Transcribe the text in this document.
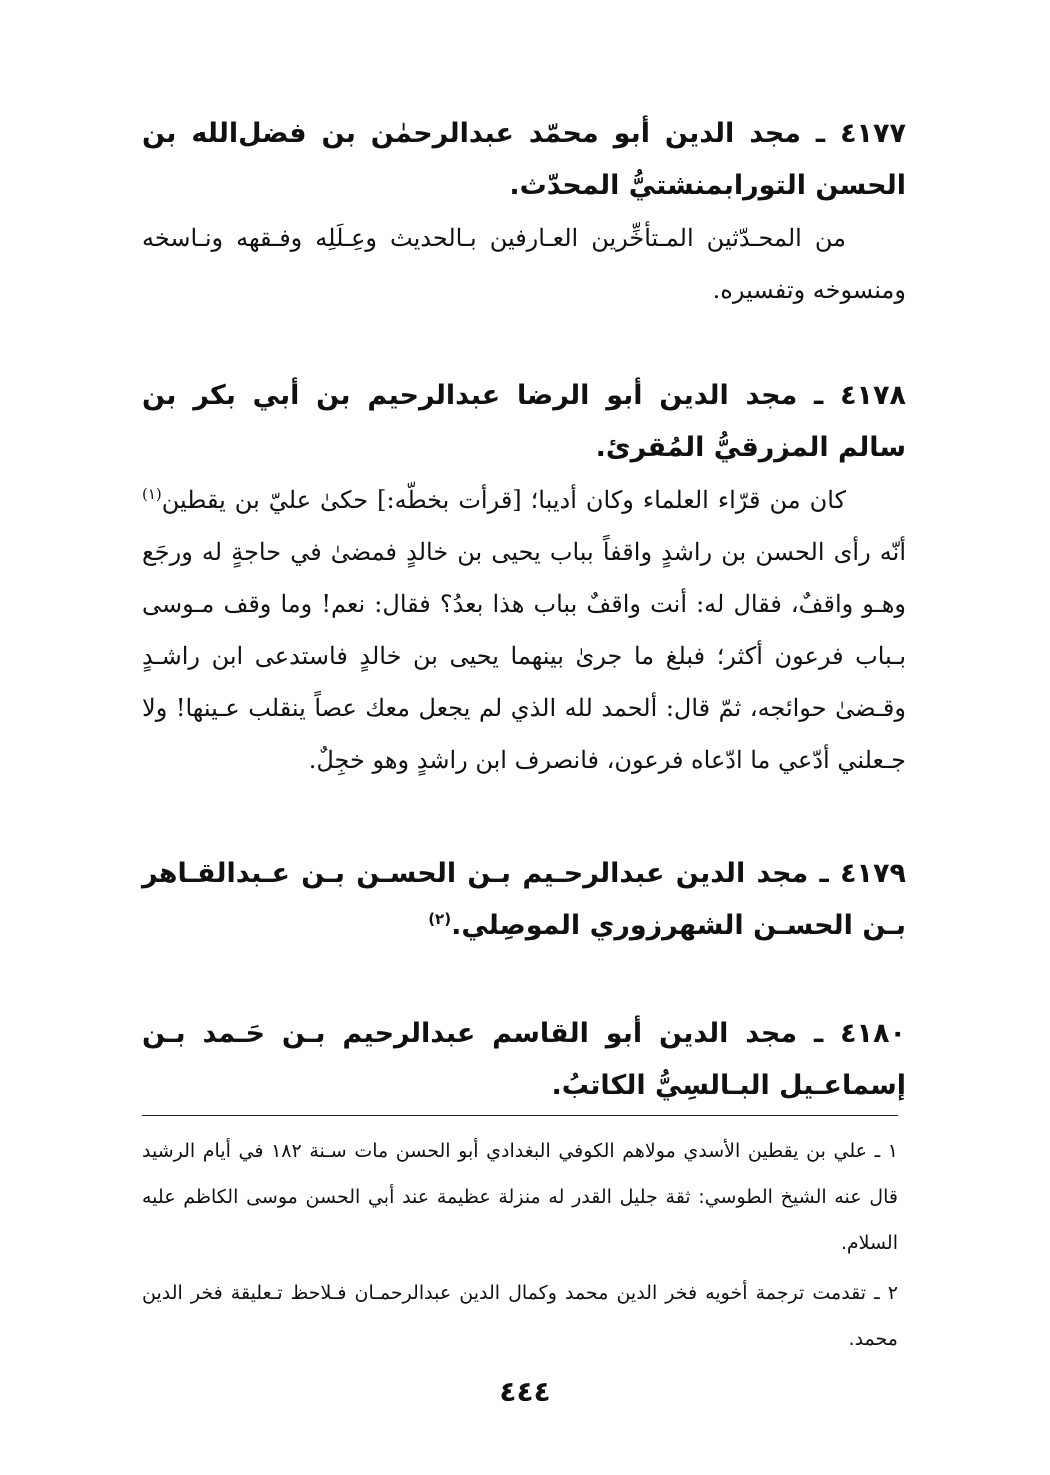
٤١٧٧ ـ مجد الدين أبو محمّد عبدالرحمٰن بن فضل‌الله بن الحسن التورابمنشتيُّ المحدّث.

من المحـدّثين المـتأخِّرين العـارفين بـالحديث وعِـلَلِه وفـقهه ونـاسخه ومنسوخه وتفسيره.

٤١٧٨ ـ مجد الدين أبو الرضا عبدالرحيم بن أبي بكر بن سالم المزرقيُّ المُقرئ.

كان من قرّاء العلماء وكان أديبا؛ [قرأت بخطّه:] حكىٰ عليّ بن يقطين$^{(١)}$ أنّه رأى الحسن بن راشدٍ واقفاً بباب يحيى بن خالدٍ فمضىٰ في حاجةٍ له ورجَع وهـو واقفٌ، فقال له: أنت واقفٌ بباب هذا بعدُ؟ فقال: نعم! وما وقف مـوسى بـباب فرعون أكثر؛ فبلغ ما جرىٰ بينهما يحيى بن خالدٍ فاستدعى ابن راشـدٍ وقـضىٰ حوائجه، ثمّ قال: ألحمد لله الذي لم يجعل معك عصاً ينقلب عـينها! ولا جـعلني أدّعي ما ادّعاه فرعون، فانصرف ابن راشدٍ وهو خجِلٌ.

٤١٧٩ ـ مجد الدين عبدالرحـيم بـن الحسـن بـن عـبدالقـاهر بـن الحسـن الشهرزوري الموصِلي.$^{(٢)}$

٤١٨٠ ـ مجد الدين أبو القاسم عبدالرحيم بـن حَـمد بـن إسماعـيل البـالسِيُّ الكاتبُ.

١ ـ علي بن يقطين الأسدي مولاهم الكوفي البغدادي أبو الحسن مات سـنة ١٨٢ في أيام الرشيد قال عنه الشيخ الطوسي: ثقة جليل القدر له منزلة عظيمة عند أبي الحسن موسى الكاظم عليه السلام.

٢ ـ تقدمت ترجمة أخويه فخر الدين محمد وكمال الدين عبدالرحمـان فـلاحظ تـعليقة فخر الدين محمد.

٤٤٤
